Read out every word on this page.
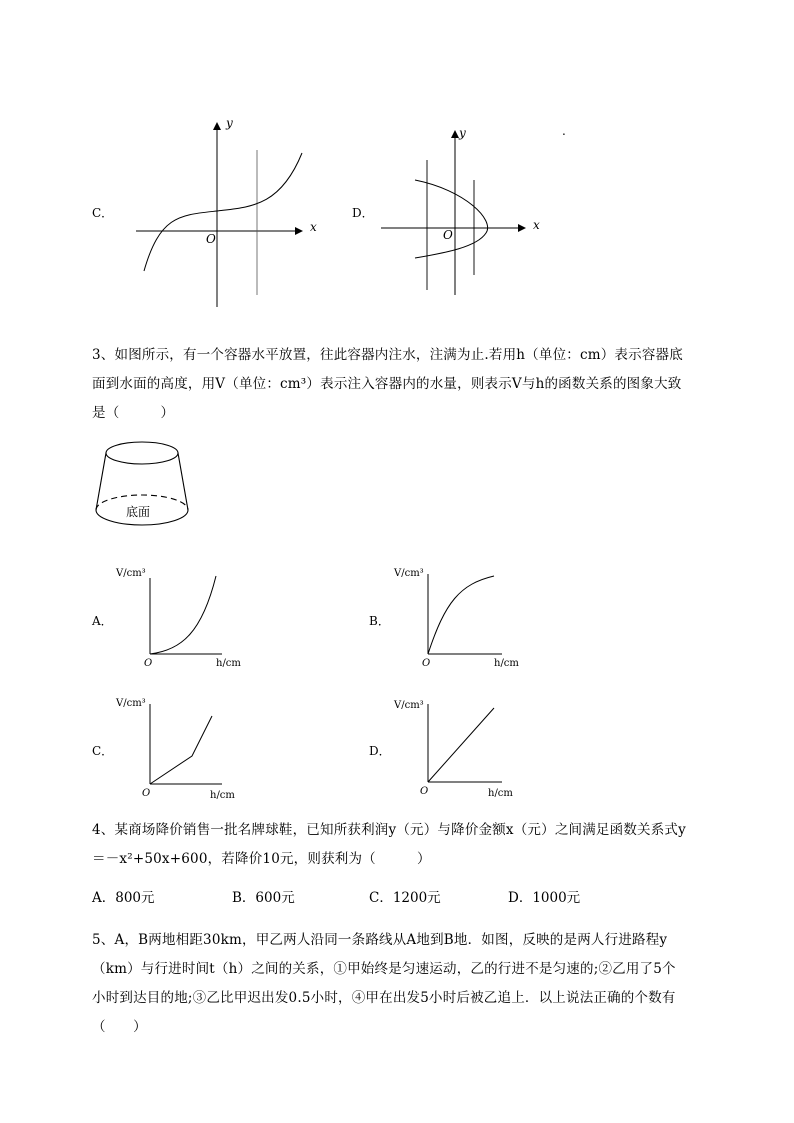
C．
x
y
O
D．
x
y
O
.
3、如图所示，有一个容器水平放置，往此容器内注水，注满为止.若用h（单位：cm）表示容器底
面到水面的高度，用V（单位：cm³）表示注入容器内的水量，则表示V与h的函数关系的图象大致
是（　　　）
底面
A．
V/cm³
h/cm
O
B．
V/cm³
h/cm
O
C．
V/cm³
h/cm
O
D．
V/cm³
h/cm
O
4、某商场降价销售一批名牌球鞋，已知所获利润y（元）与降价金额x（元）之间满足函数关系式y
＝－x²+50x+600，若降价10元，则获利为（　　　）
A．800元	B．600元	C．1200元	D．1000元
5、A，B两地相距30km，甲乙两人沿同一条路线从A地到B地．如图，反映的是两人行进路程y
（km）与行进时间t（h）之间的关系，①甲始终是匀速运动，乙的行进不是匀速的;②乙用了5个
小时到达目的地;③乙比甲迟出发0.5小时，④甲在出发5小时后被乙追上．以上说法正确的个数有
（　　）
